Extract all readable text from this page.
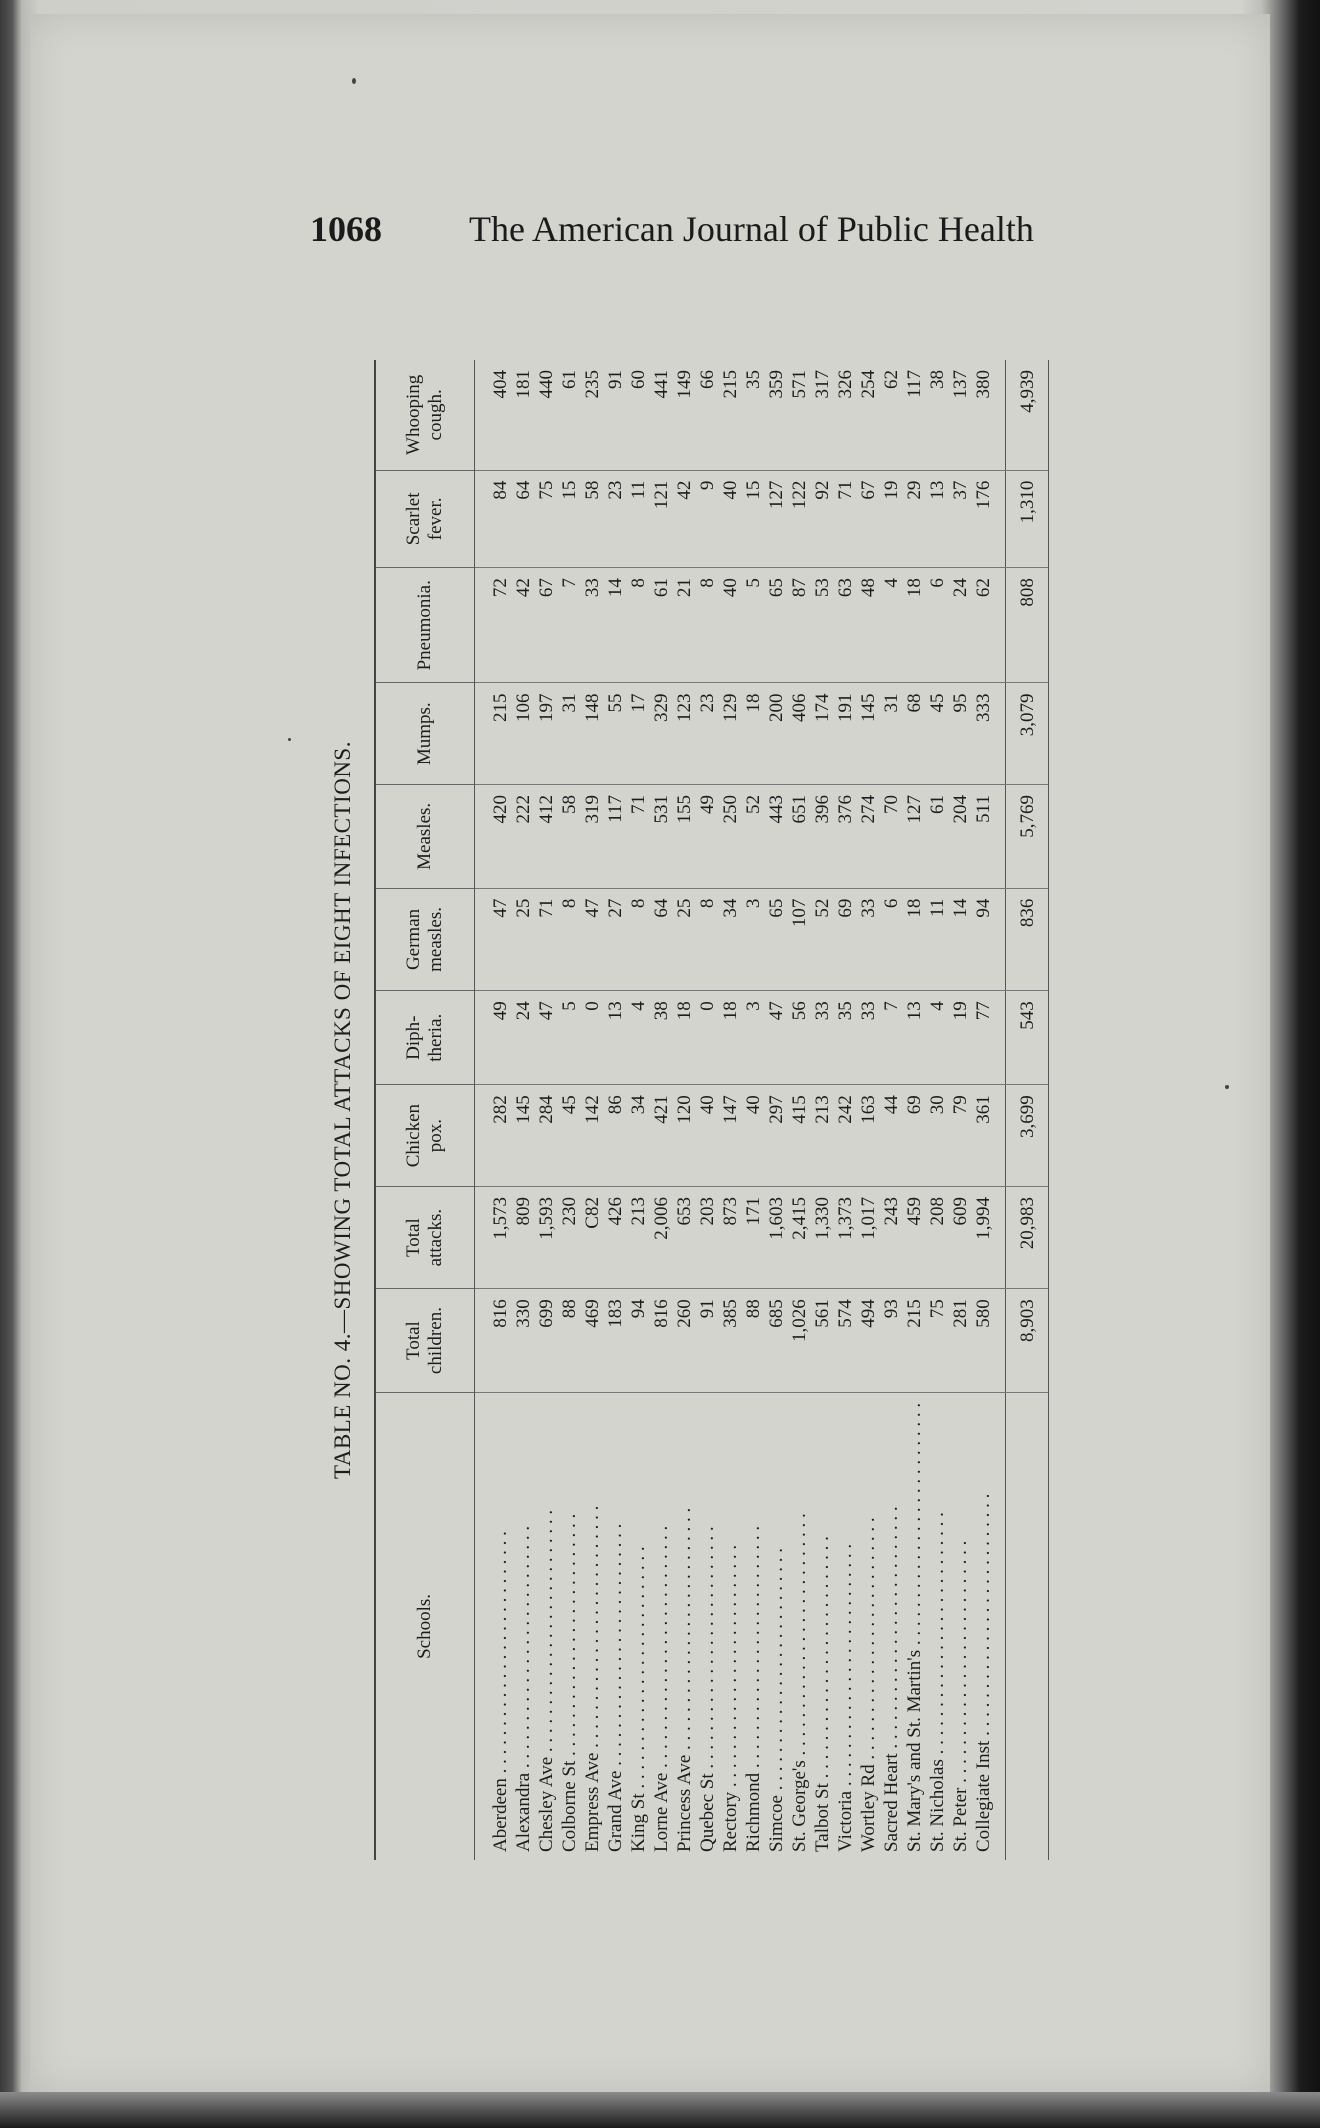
1068 The American Journal of Public Health
TABLE NO. 4.—SHOWING TOTAL ATTACKS OF EIGHT INFECTIONS.
Schools.	Total children.	Total attacks.	Chicken pox.	Diph-theria.	German measles.	Measles.	Mumps.	Pneumonia.	Scarlet fever.	Whooping cough.
Aberdeen . . . . . . . . . . . . . . . . . . . . . . . . . .	816	1,573	282	49	47	420	215	72	84	404
Alexandra . . . . . . . . . . . . . . . . . . . . . . . . . .	330	809	145	24	25	222	106	42	64	181
Chesley Ave . . . . . . . . . . . . . . . . . . . . . . . . . .	699	1,593	284	47	71	412	197	67	75	440
Colborne St . . . . . . . . . . . . . . . . . . . . . . . . . .	88	230	45	5	8	58	31	7	15	61
Empress Ave . . . . . . . . . . . . . . . . . . . . . . . . . .	469	C82	142	0	47	319	148	33	58	235
Grand Ave . . . . . . . . . . . . . . . . . . . . . . . . . .	183	426	86	13	27	117	55	14	23	91
King St . . . . . . . . . . . . . . . . . . . . . . . . . .	94	213	34	4	8	71	17	8	11	60
Lorne Ave . . . . . . . . . . . . . . . . . . . . . . . . . .	816	2,006	421	38	64	531	329	61	121	441
Princess Ave . . . . . . . . . . . . . . . . . . . . . . . . . .	260	653	120	18	25	155	123	21	42	149
Quebec St . . . . . . . . . . . . . . . . . . . . . . . . . .	91	203	40	0	8	49	23	8	9	66
Rectory . . . . . . . . . . . . . . . . . . . . . . . . . .	385	873	147	18	34	250	129	40	40	215
Richmond . . . . . . . . . . . . . . . . . . . . . . . . . .	88	171	40	3	3	52	18	5	15	35
Simcoe . . . . . . . . . . . . . . . . . . . . . . . . . .	685	1,603	297	47	65	443	200	65	127	359
St. George's . . . . . . . . . . . . . . . . . . . . . . . . . .	1,026	2,415	415	56	107	651	406	87	122	571
Talbot St . . . . . . . . . . . . . . . . . . . . . . . . . .	561	1,330	213	33	52	396	174	53	92	317
Victoria . . . . . . . . . . . . . . . . . . . . . . . . . .	574	1,373	242	35	69	376	191	63	71	326
Wortley Rd . . . . . . . . . . . . . . . . . . . . . . . . . .	494	1,017	163	33	33	274	145	48	67	254
Sacred Heart . . . . . . . . . . . . . . . . . . . . . . . . . .	93	243	44	7	6	70	31	4	19	62
St. Mary's and St. Martin's . . . . . . . . . . . . . . . . . . . . . . . . . .	215	459	69	13	18	127	68	18	29	117
St. Nicholas . . . . . . . . . . . . . . . . . . . . . . . . . .	75	208	30	4	11	61	45	6	13	38
St. Peter . . . . . . . . . . . . . . . . . . . . . . . . . .	281	609	79	19	14	204	95	24	37	137
Collegiate Inst . . . . . . . . . . . . . . . . . . . . . . . . . .	580	1,994	361	77	94	511	333	62	176	380
	8,903	20,983	3,699	543	836	5,769	3,079	808	1,310	4,939
